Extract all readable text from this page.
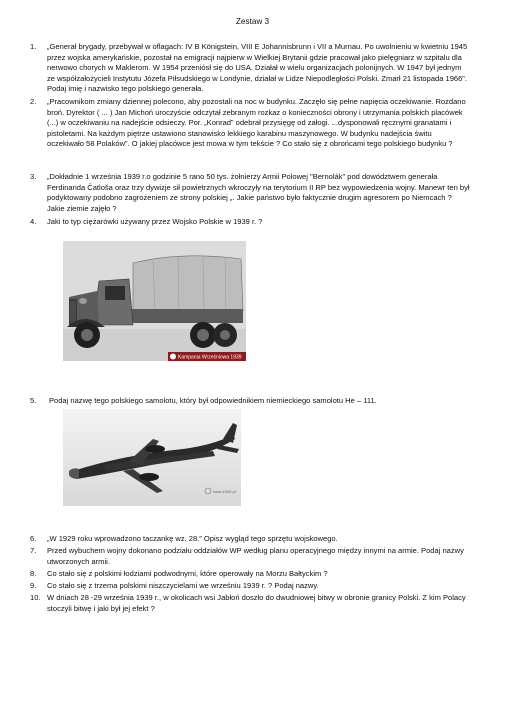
Zestaw 3
1.	„Generał brygady, przebywał w oflagach: IV B Königstein, VIII E Johannisbrunn i VII a Murnau. Po uwolnieniu w kwietniu 1945 przez wojska amerykańskie, pozostał na emigracji najpierw w Wielkiej Brytanii gdzie pracował jako pielęgniarz w szpitalu dla nerwowo chorych w Maklerom. W 1954 przeniósł się do USA. Działał w wielu organizacjach polonijnych. W 1947 był jednym ze współzałożycieli Instytutu Józefa Piłsudskiego w Londynie, działał w Lidze Niepodległości Polski. Zmarł 21 listopada 1966”. Podaj imię i nazwisko tego polskiego generała.
2.	„Pracownikom zmiany dziennej polecono, aby pozostali na noc w budynku. Zaczęło się pełne napięcia oczekiwanie. Rozdano broń. Dyrektor ( ... ) Jan Michoń uroczyście odczytał zebranym rozkaz o konieczności obrony i utrzymania polskich placówek (...) w oczekiwaniu na nadejście odsieczy. Por. „Konrad” odebrał przysięgę od załogi. ...dysponowali ręcznymi granatami i pistoletami. Na każdym piętrze ustawiono stanowisko lekkiego karabinu maszynowego. W budynku nadejścia świtu oczekiwało 58 Polaków”. O jakiej placówce jest mowa w tym tekście ? Co stało się z obrońcami tego polskiego budynku ?
3.	„Dokładnie 1 września 1939 r.o godzinie 5 rano 50 tys. żołnierzy Armii Polowej "Bernolák" pod dowództwem generała Ferdinanda Čatloša oraz trzy dywizje sił powietrznych wkroczyły na terytorium II RP bez wypowiedzenia wojny. Manewr ten był podyktowany podobno zagrożeniem ze strony polskiej „. Jakie państwo było faktycznie drugim agresorem po Niemcach ? Jakie ziemie zajęło ?
4.	Jaki to typ ciężarówki używany przez Wojsko Polskie w 1939 r. ?
Kampania Wrześniowa 1939
5.	Podaj nazwę tego polskiego samolotu, który był odpowiednikiem niemieckiego samolotu He – 111.
SO
www.1939.pl
6.	„W 1929 roku wprowadzono taczankę wz. 28.” Opisz wygląd tego sprzętu wojskowego.
7.	Przed wybuchem wojny dokonano podziału oddziałów WP według planu operacyjnego między innymi na armie. Podaj nazwy utworzonych armii.
8.	Co stało się z polskimi łodziami podwodnymi, które operowały na Morzu Bałtyckim ?
9.	Co stało się z trzema polskimi niszczycielami we wrześniu 1939 r. ? Podaj nazwy.
10. W dniach 28 -29 września 1939 r., w okolicach wsi Jabłoń doszło do dwudniowej bitwy w obronie granicy Polski. Z kim Polacy stoczyli bitwę i jaki był jej efekt ?
